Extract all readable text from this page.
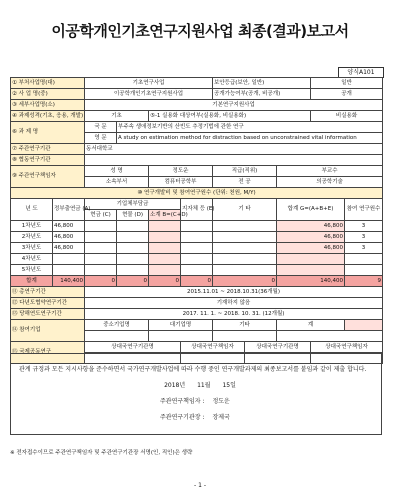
이공학개인기초연구지원사업 최종(결과)보고서
양식A101
① 부처사업명(대)		기초연구사업				보안등급(보안, 일반)			일반	
② 사 업 명(중)		이공학개인기초연구지원사업				공개가능여부(공개, 비공개)			공개	
③ 세부사업명(소)		기본연구지원사업								
④ 과제성격(기초, 응용, 개발)		기초		⑤-1 실용화 대상여부(실용화, 비실용화)					비실용화	
⑥ 과 제 명		국 문	부주속 생애정보기반의 산빈도 추정기법에 관한 연구							
		영 문	A study on estimation method for distraction based on unconstrained vital information							
⑦ 주관연구기관		동서대학교								
⑧ 협동연구기관										
⑨ 주관연구책임자		성 명		정도운		직급(직위)		부교수		
		소속부서		컴퓨터공학부		전 공		의공학기술		
⑩ 연구개발비 및 참여연구원수 (단위: 천원, M/Y)										
년 도	정부출연금 (A)	기업체부담금			지자체 등 (E)	기 타		합계 G=(A+B+E)		참여 연구원수
		현금 (C)	현물 (D)	소계 B=(C+D)						
1차년도	46,800							46,800		3
2차년도	46,800							46,800		3
3차년도	46,800							46,800		3
4차년도										
5차년도										
합계	140,400	0	0	0	0	0		140,400		9
⑪ 총연구기간		2015.11.01 ~ 2018.10.31(36개월)								
⑫ 다년도협약연구기간		기재하지 않음								
⑬ 당해연도연구기간		2017. 11. 1. ~ 2018. 10. 31. (12개월)								
⑭ 참여기업		중소기업명		대기업명		기타		계		

⑮ 국제공동연구		상대국연구기관명			상대국연구책임자		상대국연구기관명		상대국연구책임자	

관계 규정과 모든 지시사항을 준수하면서 국가연구개발사업에 따라 수행 중인 연구개발과제의 최종보고서를 붙임과 같이 제출 합니다.

2018년 11월 15일
주관연구책임자 : 정도운
주관연구기관장 : 장제국
※ 전자접수이므로 주관연구책임자 및 주관연구기관장 서명(인, 직인)은 생략
- 1 -
